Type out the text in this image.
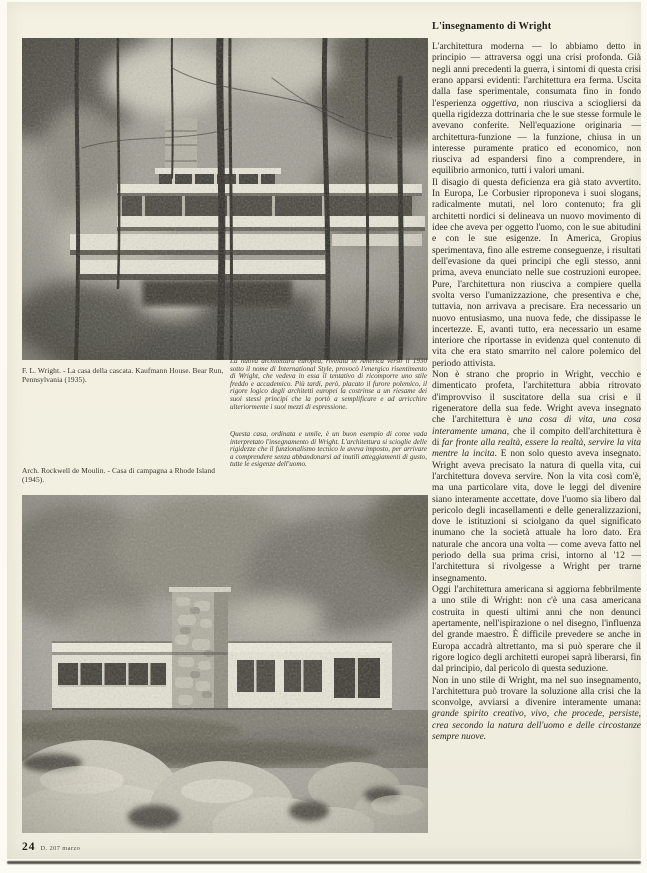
F. L. Wright. - La casa della cascata. Kaufmann House. Bear Run, Pennsylvania (1935).
La nuova architettura europea, rivelata in America verso il 1930 sotto il nome di International Style, provocò l'energico risentimento di Wright, che vedeva in essa il tentativo di ricomporre uno stile freddo e accademico. Più tardi, però, placato il furore polemico, il rigore logico degli architetti europei la costrinse a un riesame dei suoi stessi principi che la portò a semplificare e ad arricchire ulteriormente i suoi mezzi di espressione.
Questa casa, ordinata e umile, è un buon esempio di come vada interpretato l'insegnamento di Wright. L'architettura si scioglie delle rigidezze che il funzionalismo tecnico le aveva imposto, per arrivare a comprendere senza abbandonarsi ad inutili atteggiamenti di gusto, tutte le esigenze dell'uomo.
Arch. Rockwell de Moulin. - Casa di campagna a Rhode Island (1945).
L'insegnamento di Wright

L'architettura moderna — lo abbiamo detto in principio — attraversa oggi una crisi profonda. Già negli anni precedenti la guerra, i sintomi di questa crisi erano apparsi evidenti: l'architettura era ferma. Uscita dalla fase sperimentale, consumata fino in fondo l'esperienza oggettiva, non riusciva a sciogliersi da quella rigidezza dottrinaria che le sue stesse formule le avevano conferite. Nell'equazione originaria — architettura-funzione — la funzione, chiusa in un interesse puramente pratico ed economico, non riusciva ad espandersi fino a comprendere, in equilibrio armonico, tutti i valori umani.

Il disagio di questa deficienza era già stato avvertito. In Europa, Le Corbusier riproponeva i suoi slogans, radicalmente mutati, nel loro contenuto; fra gli architetti nordici si delineava un nuovo movimento di idee che aveva per oggetto l'uomo, con le sue abitudini e con le sue esigenze. In America, Gropius sperimentava, fino alle estreme conseguenze, i risultati dell'evasione da quei principi che egli stesso, anni prima, aveva enunciato nelle sue costruzioni europee. Pure, l'architettura non riusciva a compiere quella svolta verso l'umanizzazione, che presentiva e che, tuttavia, non arrivava a precisare. Era necessario un nuovo entusiasmo, una nuova fede, che dissipasse le incertezze. E, avanti tutto, era necessario un esame interiore che riportasse in evidenza quel contenuto di vita che era stato smarrito nel calore polemico del periodo attivista.

Non è strano che proprio in Wright, vecchio e dimenticato profeta, l'architettura abbia ritrovato d'improvviso il suscitatore della sua crisi e il rigeneratore della sua fede. Wright aveva insegnato che l'architettura è una cosa di vita, una cosa interamente umana, che il compito dell'architettura è di far fronte alla realtà, essere la realtà, servire la vita mentre la incita. E non solo questo aveva insegnato. Wright aveva precisato la natura di quella vita, cui l'architettura doveva servire. Non la vita così com'è, ma una particolare vita, dove le leggi del divenire siano interamente accettate, dove l'uomo sia libero dal pericolo degli incasellamenti e delle generalizzazioni, dove le istituzioni si sciolgano da quel significato inumano che la società attuale ha loro dato. Era naturale che ancora una volta — come aveva fatto nel periodo della sua prima crisi, intorno al '12 — l'architettura si rivolgesse a Wright per trarne insegnamento.

Oggi l'architettura americana si aggiorna febbrilmente a uno stile di Wright: non c'è una casa americana costruita in questi ultimi anni che non denunci apertamente, nell'ispirazione o nel disegno, l'influenza del grande maestro. È difficile prevedere se anche in Europa accadrà altrettanto, ma si può sperare che il rigore logico degli architetti europei saprà liberarsi, fin dal principio, dal pericolo di questa seduzione.

Non in uno stile di Wright, ma nel suo insegnamento, l'architettura può trovare la soluzione alla crisi che la sconvolge, avviarsi a divenire interamente umana: grande spirito creativo, vivo, che procede, persiste, crea secondo la natura dell'uomo e delle circostanze sempre nuove.

24 D. 207 marzo
